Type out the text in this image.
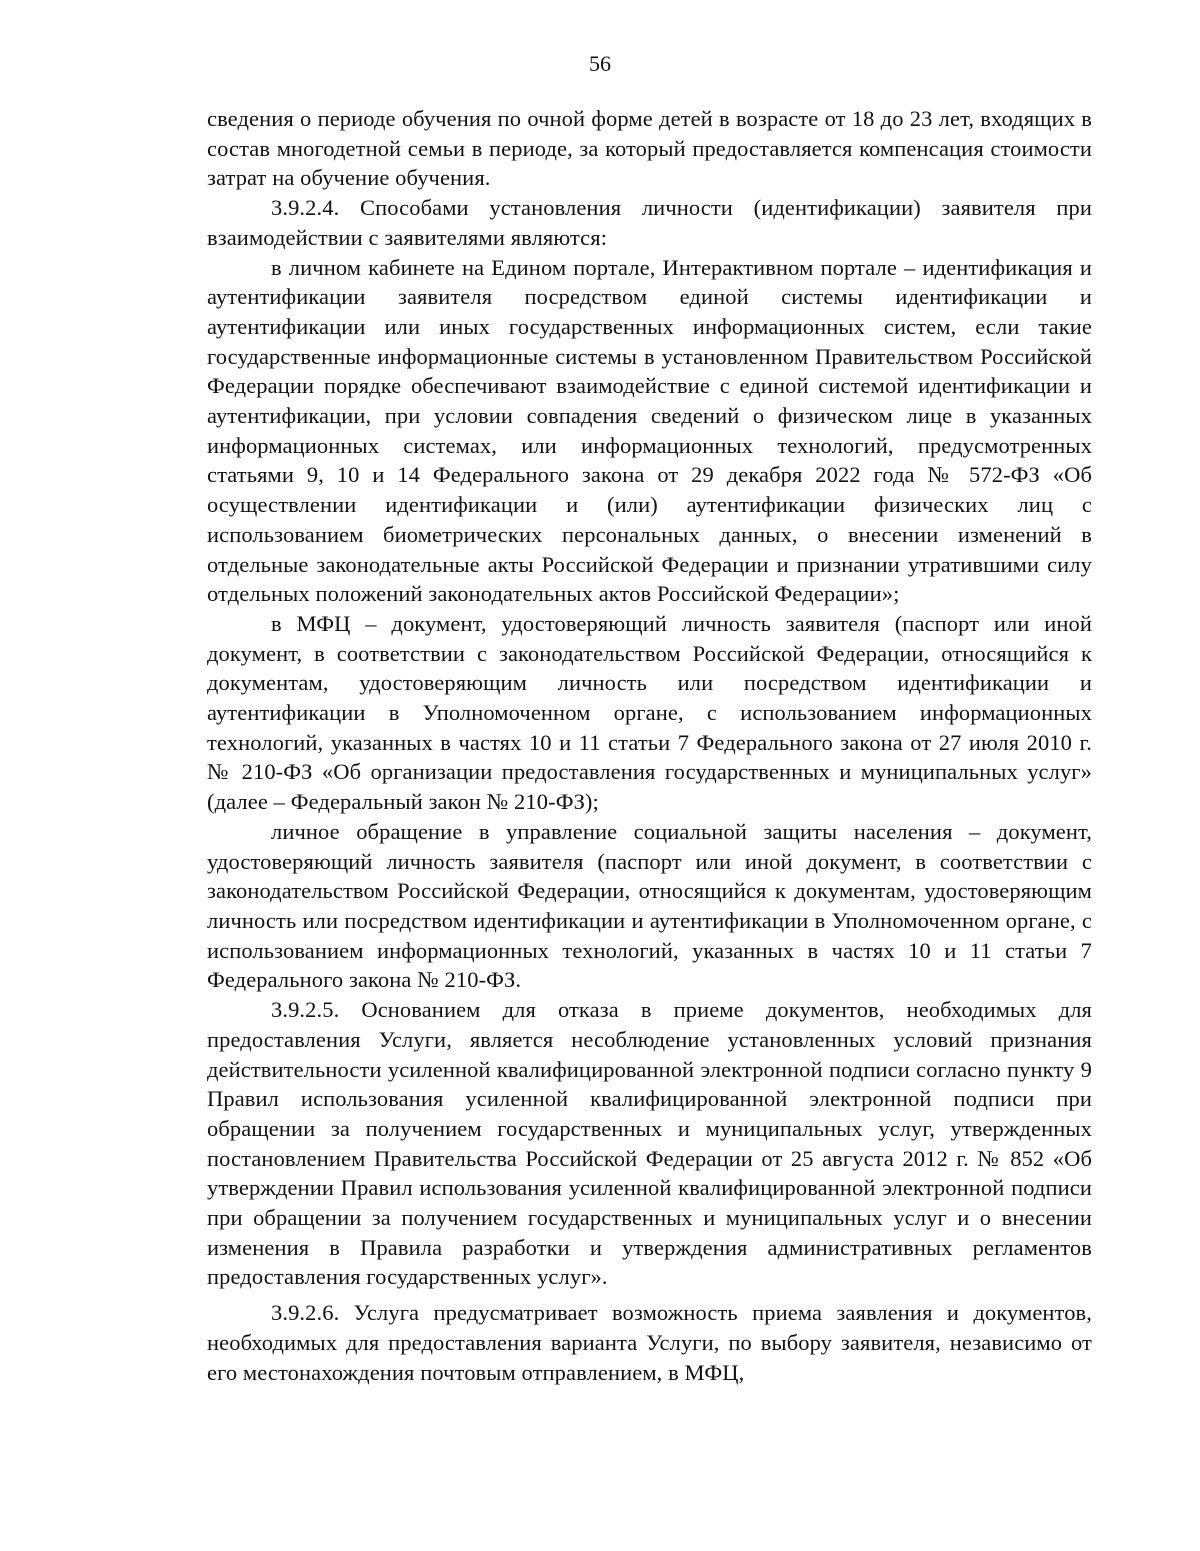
56

сведения о периоде обучения по очной форме детей в возрасте от 18 до 23 лет, входящих в состав многодетной семьи в периоде, за который предоставляется компенсация стоимости затрат на обучение обучения.

3.9.2.4. Способами установления личности (идентификации) заявителя при взаимодействии с заявителями являются:

в личном кабинете на Едином портале, Интерактивном портале – идентификация и аутентификации заявителя посредством единой системы идентификации и аутентификации или иных государственных информационных систем, если такие государственные информационные системы в установленном Правительством Российской Федерации порядке обеспечивают взаимодействие с единой системой идентификации и аутентификации, при условии совпадения сведений о физическом лице в указанных информационных системах, или информационных технологий, предусмотренных статьями 9, 10 и 14 Федерального закона от 29 декабря 2022 года № 572-ФЗ «Об осуществлении идентификации и (или) аутентификации физических лиц с использованием биометрических персональных данных, о внесении изменений в отдельные законодательные акты Российской Федерации и признании утратившими силу отдельных положений законодательных актов Российской Федерации»;

в МФЦ – документ, удостоверяющий личность заявителя (паспорт или иной документ, в соответствии с законодательством Российской Федерации, относящийся к документам, удостоверяющим личность или посредством идентификации и аутентификации в Уполномоченном органе, с использованием информационных технологий, указанных в частях 10 и 11 статьи 7 Федерального закона от 27 июля 2010 г. № 210-ФЗ «Об организации предоставления государственных и муниципальных услуг» (далее – Федеральный закон № 210-ФЗ);

личное обращение в управление социальной защиты населения – документ, удостоверяющий личность заявителя (паспорт или иной документ, в соответствии с законодательством Российской Федерации, относящийся к документам, удостоверяющим личность или посредством идентификации и аутентификации в Уполномоченном органе, с использованием информационных технологий, указанных в частях 10 и 11 статьи 7 Федерального закона № 210-ФЗ.

3.9.2.5. Основанием для отказа в приеме документов, необходимых для предоставления Услуги, является несоблюдение установленных условий признания действительности усиленной квалифицированной электронной подписи согласно пункту 9 Правил использования усиленной квалифицированной электронной подписи при обращении за получением государственных и муниципальных услуг, утвержденных постановлением Правительства Российской Федерации от 25 августа 2012 г. № 852 «Об утверждении Правил использования усиленной квалифицированной электронной подписи при обращении за получением государственных и муниципальных услуг и о внесении изменения в Правила разработки и утверждения административных регламентов предоставления государственных услуг».

3.9.2.6. Услуга предусматривает возможность приема заявления и документов, необходимых для предоставления варианта Услуги, по выбору заявителя, независимо от его местонахождения почтовым отправлением, в МФЦ,
